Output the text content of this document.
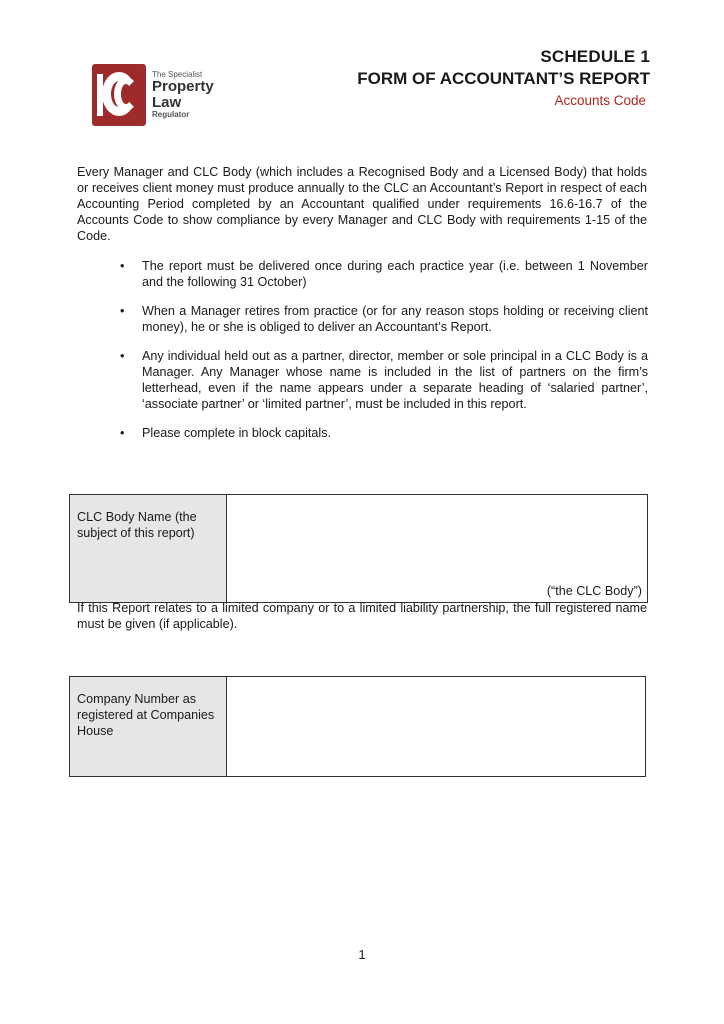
The Specialist
Property Law
Regulator
SCHEDULE 1
FORM OF ACCOUNTANT’S REPORT
Accounts Code
Every Manager and CLC Body (which includes a Recognised Body and a Licensed Body) that holds or receives client money must produce annually to the CLC an Accountant’s Report in respect of each Accounting Period completed by an Accountant qualified under requirements 16.6-16.7 of the Accounts Code to show compliance by every Manager and CLC Body with requirements 1-15 of the Code.
• The report must be delivered once during each practice year (i.e. between 1 November and the following 31 October)
• When a Manager retires from practice (or for any reason stops holding or receiving client money), he or she is obliged to deliver an Accountant’s Report.
• Any individual held out as a partner, director, member or sole principal in a CLC Body is a Manager. Any Manager whose name is included in the list of partners on the firm’s letterhead, even if the name appears under a separate heading of ‘salaried partner’, ‘associate partner’ or ‘limited partner’, must be included in this report.
• Please complete in block capitals.
CLC Body Name (the subject of this report)	
(“the CLC Body”)
If this Report relates to a limited company or to a limited liability partnership, the full registered name must be given (if applicable).
Company Number as registered at Companies House	
1
